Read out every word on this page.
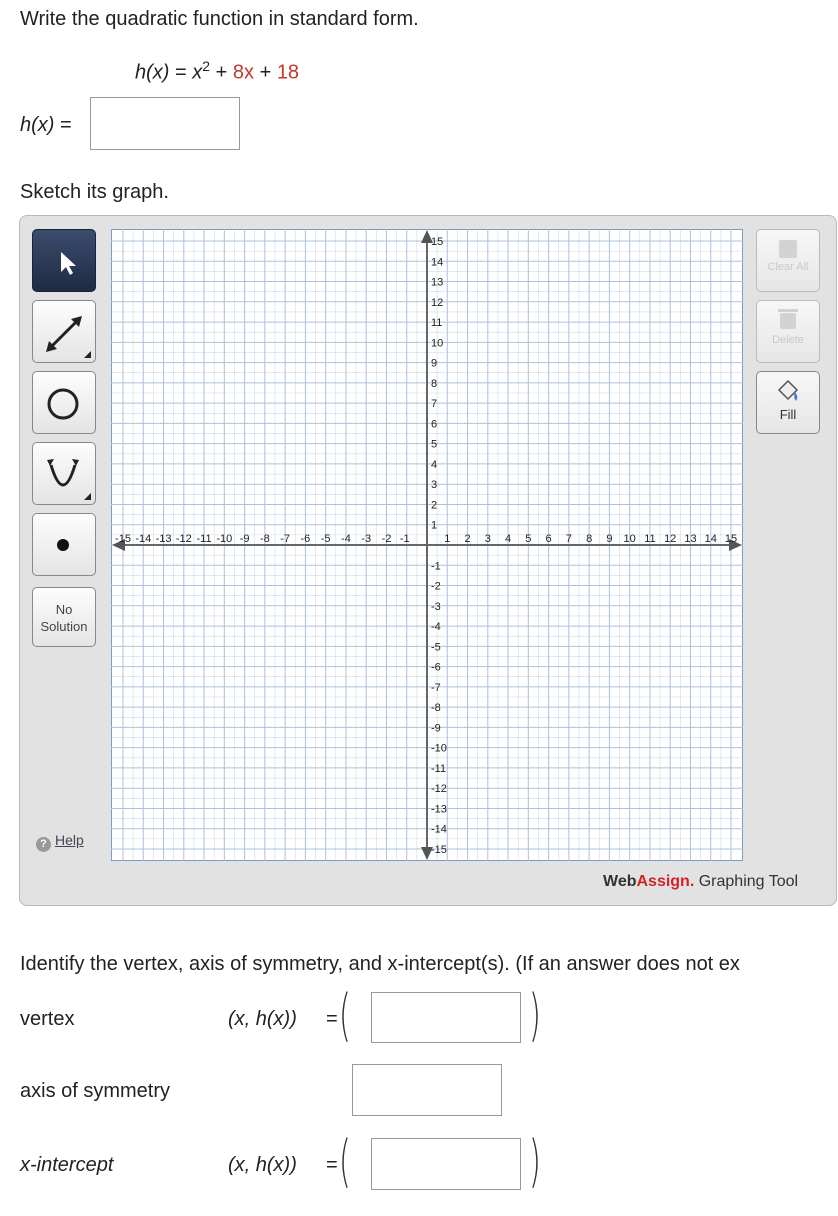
Write the quadratic function in standard form.
$h(x) = x^2 + 8x + 18$
h(x) =
Sketch its graph.
No
Solution
? Help
-15
-15
-14
-14
-13
-13
-12
-12
-11
-11
-10
-10
-9
-9
-8
-8
-7
-7
-6
-6
-5
-5
-4
-4
-3
-3
-2
-2
-1
-1
1
1
2
2
3
3
4
4
5
5
6
6
7
7
8
8
9
9
10
10
11
11
12
12
13
13
14
14
15
15
Clear All
Delete
Fill
WebAssign. Graphing Tool
Identify the vertex, axis of symmetry, and x-intercept(s). (If an answer does not ex
vertex	(x, h(x)) = (	)
axis of symmetry
x-intercept	(x, h(x)) = (	)
